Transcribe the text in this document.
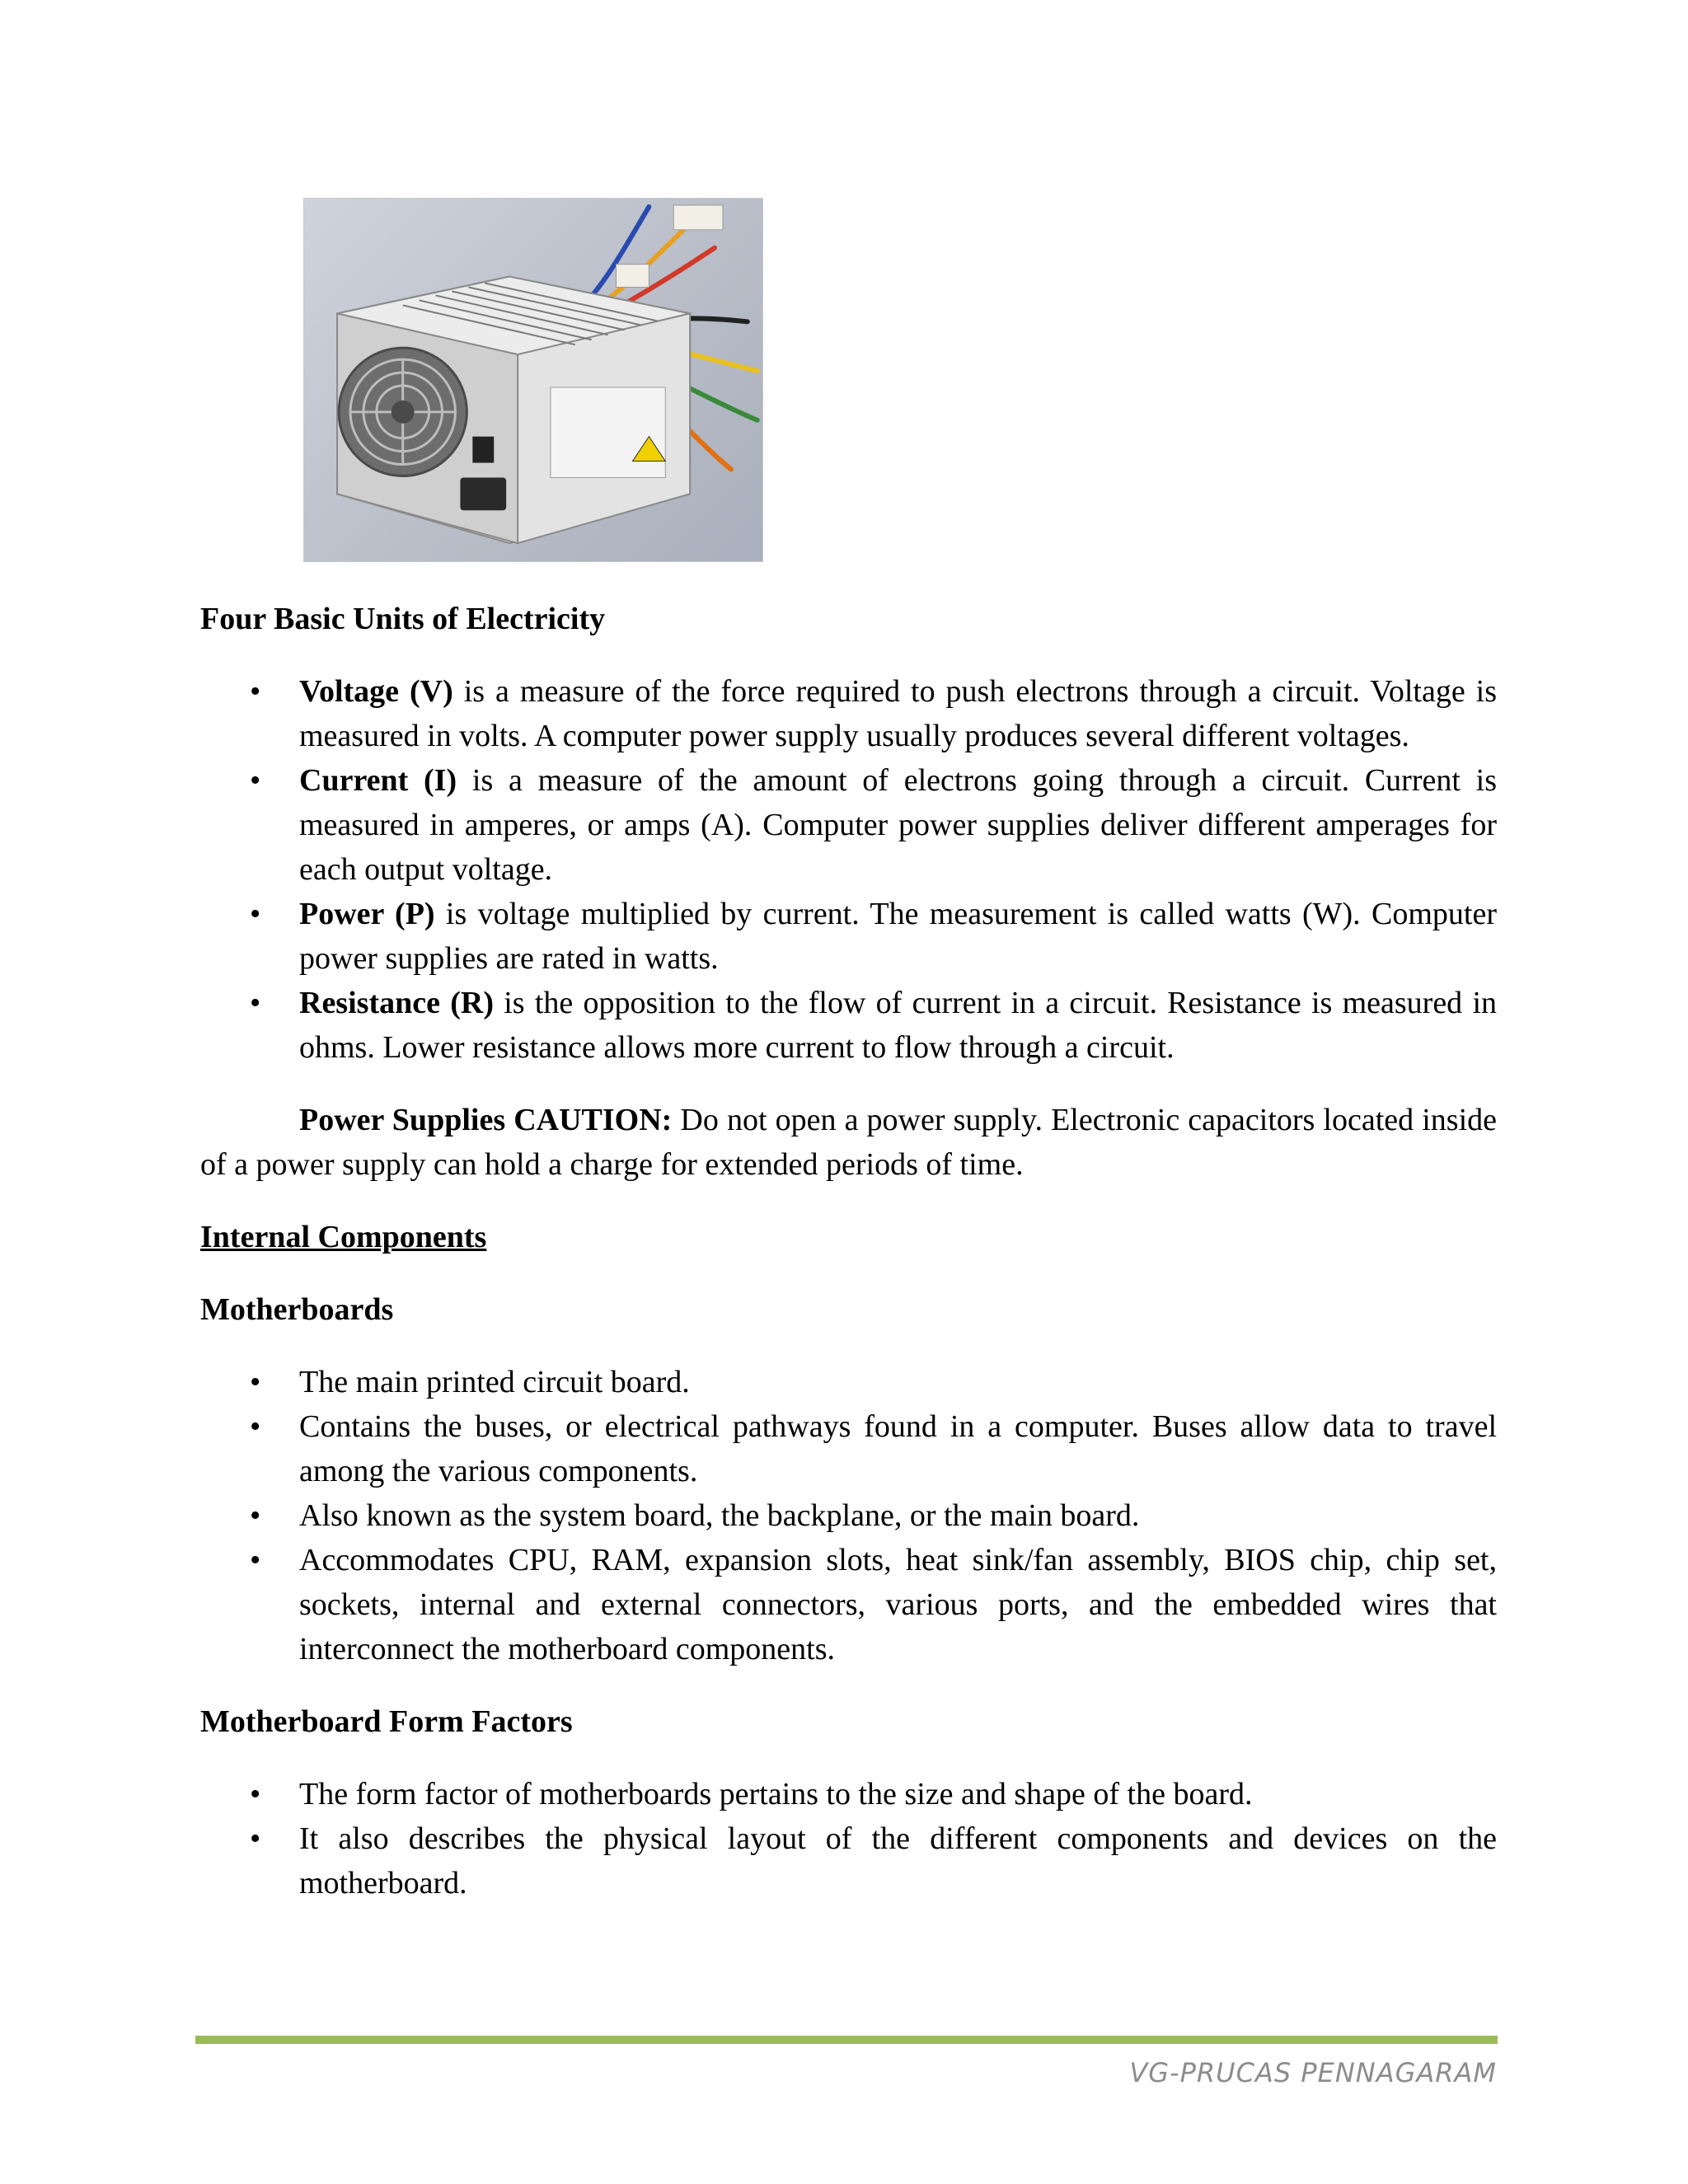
Four Basic Units of Electricity

• Voltage (V) is a measure of the force required to push electrons through a circuit. Voltage is measured in volts. A computer power supply usually produces several different voltages.
• Current (I) is a measure of the amount of electrons going through a circuit. Current is measured in amperes, or amps (A). Computer power supplies deliver different amperages for each output voltage.
• Power (P) is voltage multiplied by current. The measurement is called watts (W). Computer power supplies are rated in watts.
• Resistance (R) is the opposition to the flow of current in a circuit. Resistance is measured in ohms. Lower resistance allows more current to flow through a circuit.

Power Supplies CAUTION: Do not open a power supply. Electronic capacitors located inside of a power supply can hold a charge for extended periods of time.

Internal Components

Motherboards

• The main printed circuit board.
• Contains the buses, or electrical pathways found in a computer. Buses allow data to travel among the various components.
• Also known as the system board, the backplane, or the main board.
• Accommodates CPU, RAM, expansion slots, heat sink/fan assembly, BIOS chip, chip set, sockets, internal and external connectors, various ports, and the embedded wires that interconnect the motherboard components.

Motherboard Form Factors

• The form factor of motherboards pertains to the size and shape of the board.
• It also describes the physical layout of the different components and devices on the motherboard.
VG-PRUCAS PENNAGARAM
